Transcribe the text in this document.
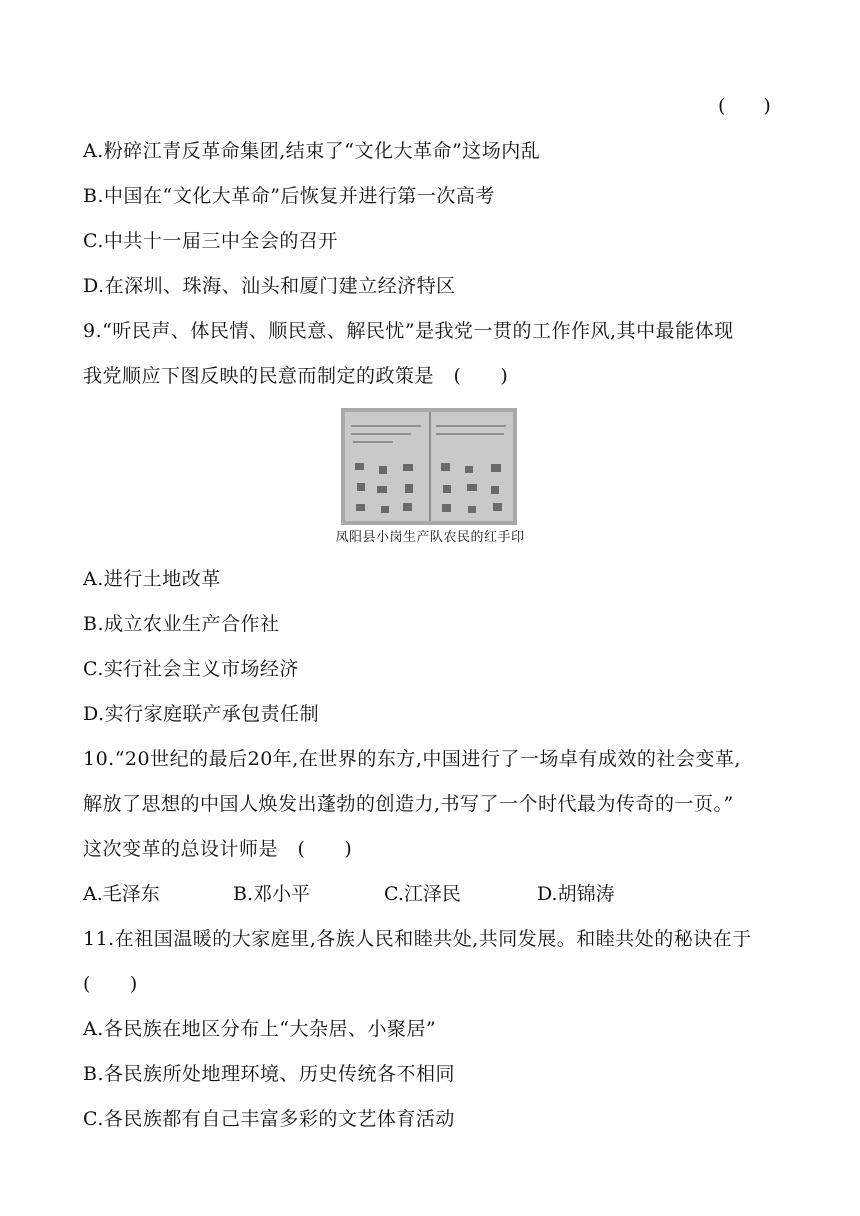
(　　)
A.粉碎江青反革命集团,结束了“文化大革命”这场内乱
B.中国在“文化大革命”后恢复并进行第一次高考
C.中共十一届三中全会的召开
D.在深圳、珠海、汕头和厦门建立经济特区
9.“听民声、体民情、顺民意、解民忧”是我党一贯的工作作风,其中最能体现
我党顺应下图反映的民意而制定的政策是　(　　)
凤阳县小岗生产队农民的红手印
A.进行土地改革
B.成立农业生产合作社
C.实行社会主义市场经济
D.实行家庭联产承包责任制
10.“20世纪的最后20年,在世界的东方,中国进行了一场卓有成效的社会变革,
解放了思想的中国人焕发出蓬勃的创造力,书写了一个时代最为传奇的一页。”
这次变革的总设计师是　(　　)
A.毛泽东	B.邓小平	C.江泽民	D.胡锦涛
11.在祖国温暖的大家庭里,各族人民和睦共处,共同发展。和睦共处的秘诀在于
(　　)
A.各民族在地区分布上“大杂居、小聚居”
B.各民族所处地理环境、历史传统各不相同
C.各民族都有自己丰富多彩的文艺体育活动
